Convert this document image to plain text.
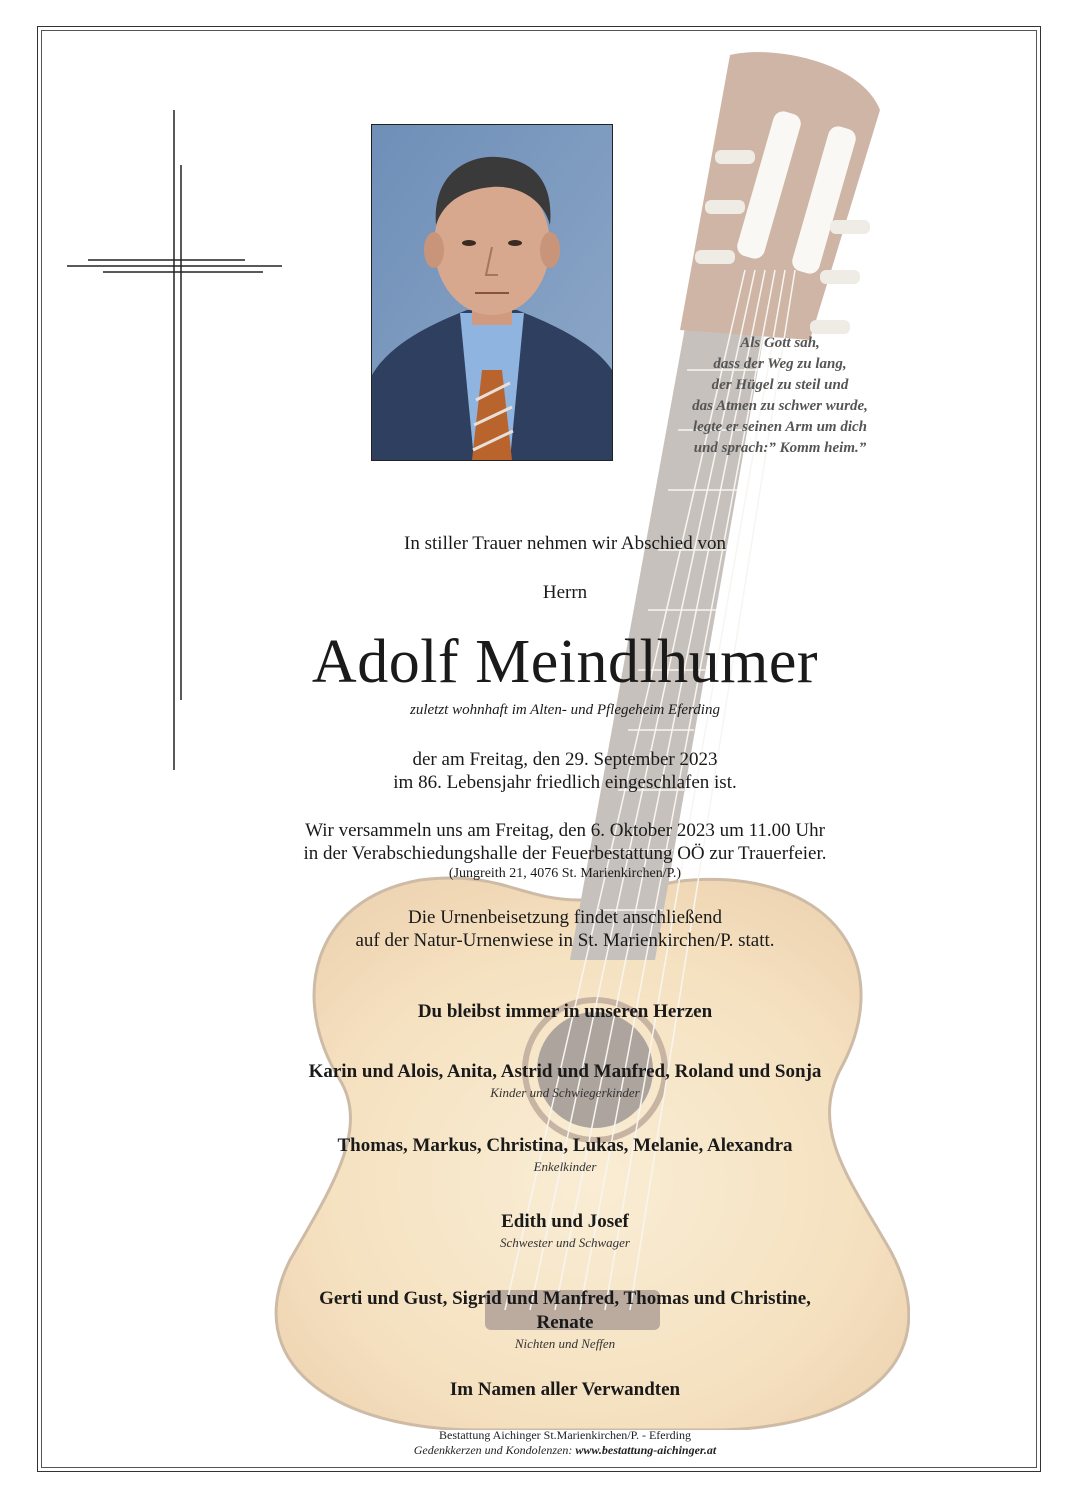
Als Gott sah,
dass der Weg zu lang,
der Hügel zu steil und
das Atmen zu schwer wurde,
legte er seinen Arm um dich
und sprach:” Komm heim.”
In stiller Trauer nehmen wir Abschied von
Herrn
Adolf Meindlhumer
zuletzt wohnhaft im Alten- und Pflegeheim Eferding
der am Freitag, den 29. September 2023
im 86. Lebensjahr friedlich eingeschlafen ist.
Wir versammeln uns am Freitag, den 6. Oktober 2023 um 11.00 Uhr
in der Verabschiedungshalle der Feuerbestattung OÖ zur Trauerfeier.
(Jungreith 21, 4076 St. Marienkirchen/P.)
Die Urnenbeisetzung findet anschließend
auf der Natur-Urnenwiese in St. Marienkirchen/P. statt.
Du bleibst immer in unseren Herzen
Karin und Alois, Anita, Astrid und Manfred, Roland und Sonja
Kinder und Schwiegerkinder
Thomas, Markus, Christina, Lukas, Melanie, Alexandra
Enkelkinder
Edith und Josef
Schwester und Schwager
Gerti und Gust, Sigrid und Manfred, Thomas und Christine,
Renate
Nichten und Neffen
Im Namen aller Verwandten
Bestattung Aichinger St.Marienkirchen/P. - Eferding
Gedenkkerzen und Kondolenzen: www.bestattung-aichinger.at
